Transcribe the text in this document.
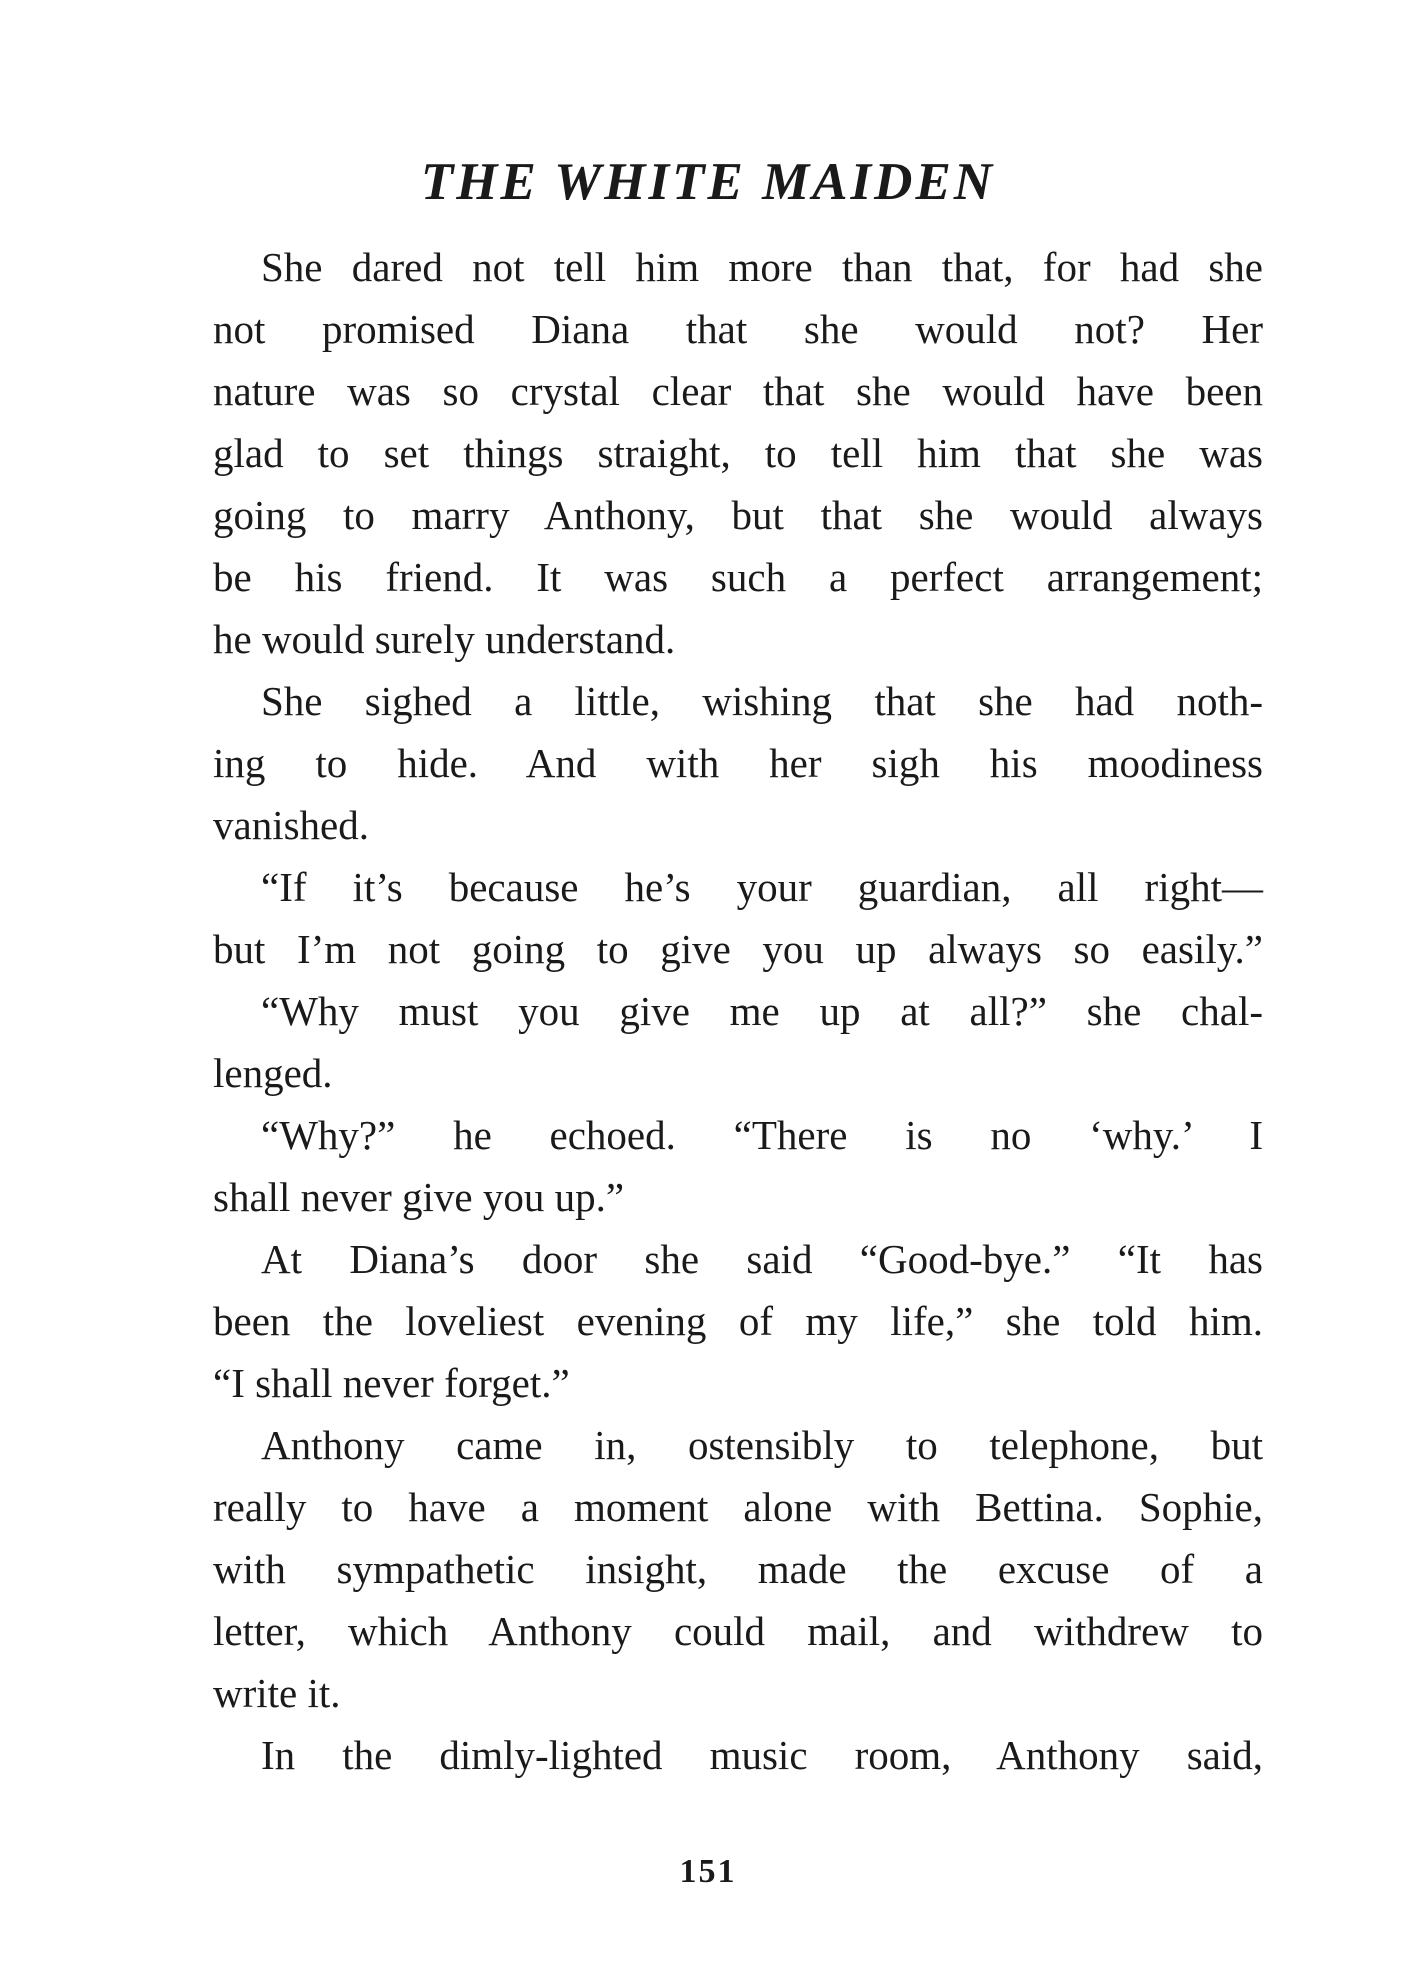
THE WHITE MAIDEN
She dared not tell him more than that, for had she
not promised Diana that she would not? Her
nature was so crystal clear that she would have been
glad to set things straight, to tell him that she was
going to marry Anthony, but that she would always
be his friend. It was such a perfect arrangement;
he would surely understand.
She sighed a little, wishing that she had noth-
ing to hide. And with her sigh his moodiness
vanished.
“If it’s because he’s your guardian, all right—
but I’m not going to give you up always so easily.”
“Why must you give me up at all?” she chal-
lenged.
“Why?” he echoed. “There is no ‘why.’ I
shall never give you up.”
At Diana’s door she said “Good-bye.” “It has
been the loveliest evening of my life,” she told him.
“I shall never forget.”
Anthony came in, ostensibly to telephone, but
really to have a moment alone with Bettina. Sophie,
with sympathetic insight, made the excuse of a
letter, which Anthony could mail, and withdrew to
write it.
In the dimly-lighted music room, Anthony said,
151
